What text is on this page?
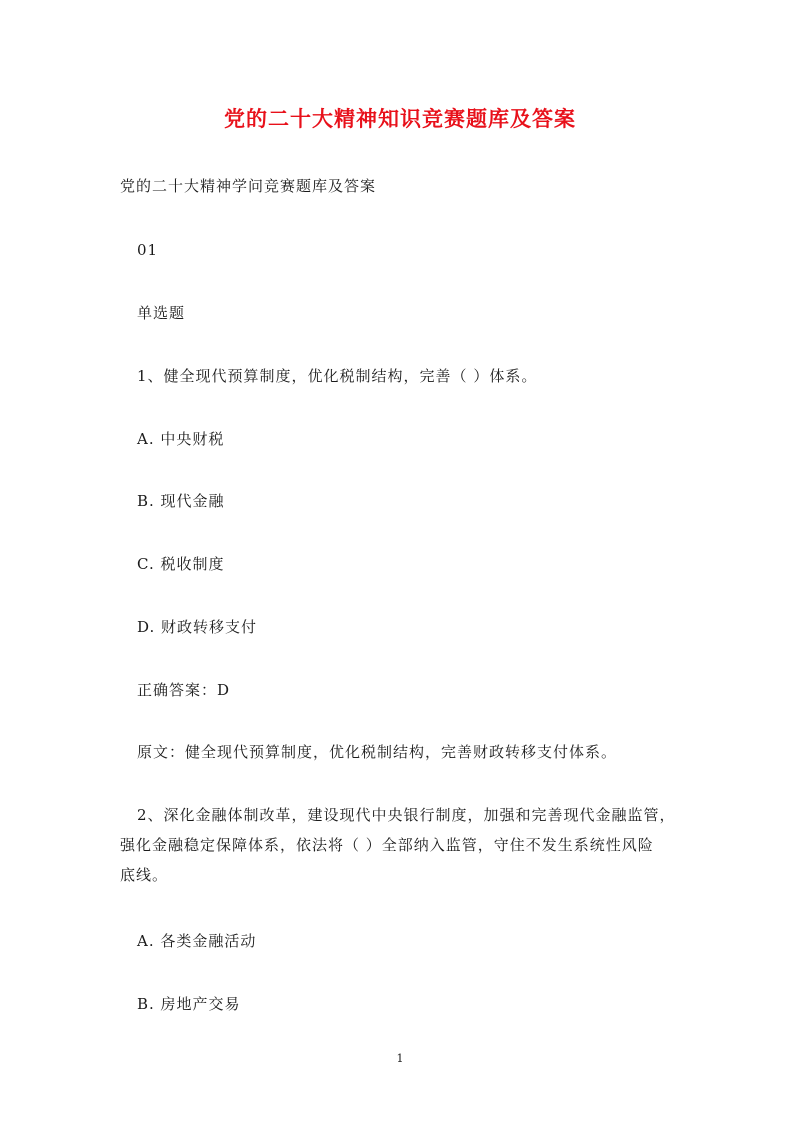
党的二十大精神知识竞赛题库及答案
党的二十大精神学问竞赛题库及答案
01
单选题
1、健全现代预算制度，优化税制结构，完善（ ）体系。
A. 中央财税
B. 现代金融
C. 税收制度
D. 财政转移支付
正确答案：D
原文：健全现代预算制度，优化税制结构，完善财政转移支付体系。
2、深化金融体制改革，建设现代中央银行制度，加强和完善现代金融监管，
强化金融稳定保障体系，依法将（ ）全部纳入监管，守住不发生系统性风险
底线。
A. 各类金融活动
B. 房地产交易
1
